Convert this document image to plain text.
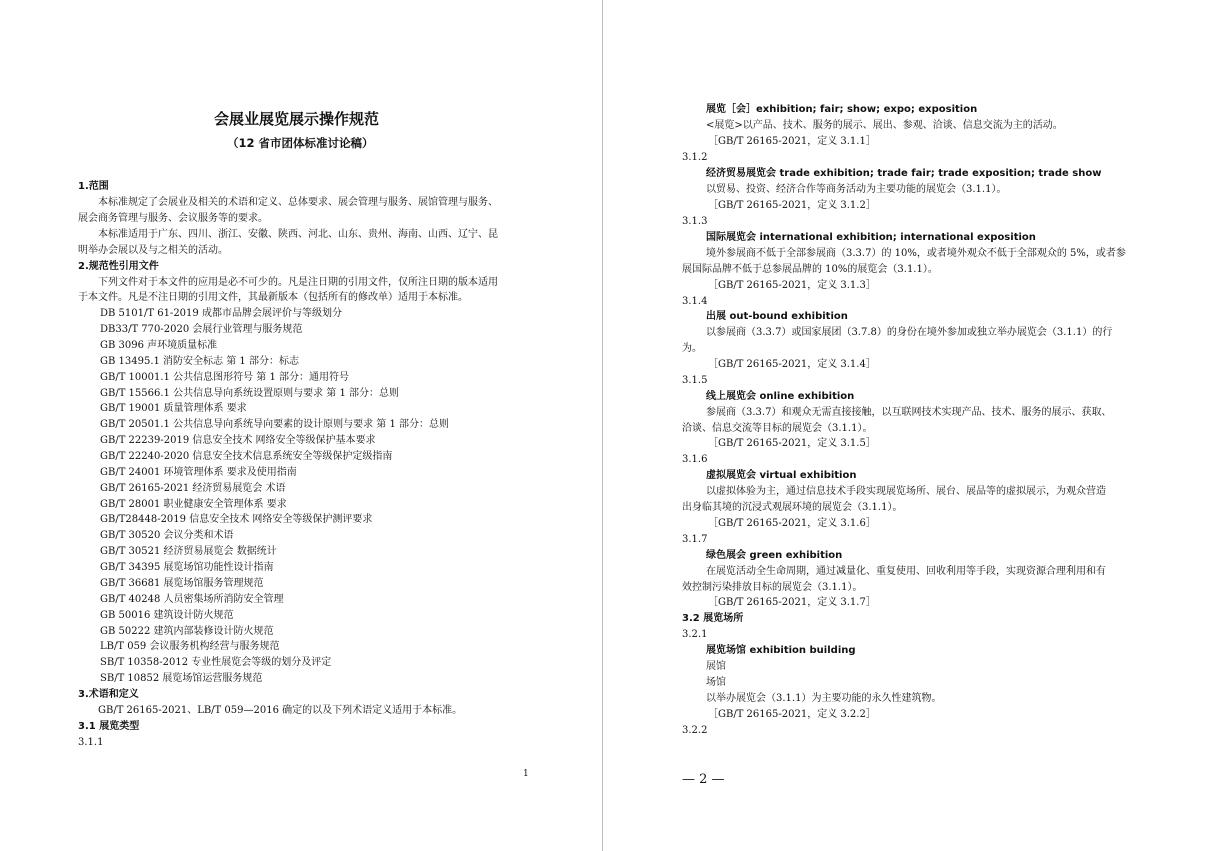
会展业展览展示操作规范
（12 省市团体标准讨论稿）
1.范围
本标准规定了会展业及相关的术语和定义、总体要求、展会管理与服务、展馆管理与服务、
展会商务管理与服务、会议服务等的要求。
本标准适用于广东、四川、浙江、安徽、陕西、河北、山东、贵州、海南、山西、辽宁、昆
明举办会展以及与之相关的活动。
2.规范性引用文件
下列文件对于本文件的应用是必不可少的。凡是注日期的引用文件，仅所注日期的版本适用
于本文件。凡是不注日期的引用文件，其最新版本（包括所有的修改单）适用于本标准。
DB 5101/T 61-2019 成都市品牌会展评价与等级划分
DB33/T 770-2020 会展行业管理与服务规范
GB 3096 声环境质量标准
GB 13495.1 消防安全标志 第 1 部分：标志
GB/T 10001.1 公共信息图形符号 第 1 部分：通用符号
GB/T 15566.1 公共信息导向系统设置原则与要求 第 1 部分：总则
GB/T 19001 质量管理体系 要求
GB/T 20501.1 公共信息导向系统导向要素的设计原则与要求 第 1 部分：总则
GB/T 22239-2019 信息安全技术 网络安全等级保护基本要求
GB/T 22240-2020 信息安全技术信息系统安全等级保护定级指南
GB/T 24001 环境管理体系 要求及使用指南
GB/T 26165-2021 经济贸易展览会 术语
GB/T 28001 职业健康安全管理体系 要求
GB/T28448-2019 信息安全技术 网络安全等级保护测评要求
GB/T 30520 会议分类和术语
GB/T 30521 经济贸易展览会 数据统计
GB/T 34395 展览场馆功能性设计指南
GB/T 36681 展览场馆服务管理规范
GB/T 40248 人员密集场所消防安全管理
GB 50016 建筑设计防火规范
GB 50222 建筑内部装修设计防火规范
LB/T 059 会议服务机构经营与服务规范
SB/T 10358-2012 专业性展览会等级的划分及评定
SB/T 10852 展览场馆运营服务规范
3.术语和定义
GB/T 26165-2021、LB/T 059—2016 确定的以及下列术语定义适用于本标准。
3.1 展览类型
3.1.1
1
展览［会］exhibition; fair; show; expo; exposition
<展览>以产品、技术、服务的展示、展出、参观、洽谈、信息交流为主的活动。
［GB/T 26165-2021，定义 3.1.1］
3.1.2
经济贸易展览会 trade exhibition; trade fair; trade exposition; trade show
以贸易、投资、经济合作等商务活动为主要功能的展览会（3.1.1）。
［GB/T 26165-2021，定义 3.1.2］
3.1.3
国际展览会 international exhibition; international exposition
境外参展商不低于全部参展商（3.3.7）的 10%，或者境外观众不低于全部观众的 5%，或者参
展国际品牌不低于总参展品牌的 10%的展览会（3.1.1）。
［GB/T 26165-2021，定义 3.1.3］
3.1.4
出展 out-bound exhibition
以参展商（3.3.7）或国家展团（3.7.8）的身份在境外参加或独立举办展览会（3.1.1）的行
为。
［GB/T 26165-2021，定义 3.1.4］
3.1.5
线上展览会 online exhibition
参展商（3.3.7）和观众无需直接接触，以互联网技术实现产品、技术、服务的展示、获取、
洽谈、信息交流等目标的展览会（3.1.1）。
［GB/T 26165-2021，定义 3.1.5］
3.1.6
虚拟展览会 virtual exhibition
以虚拟体验为主，通过信息技术手段实现展览场所、展台、展品等的虚拟展示，为观众营造
出身临其境的沉浸式观展环境的展览会（3.1.1）。
［GB/T 26165-2021，定义 3.1.6］
3.1.7
绿色展会 green exhibition
在展览活动全生命周期，通过减量化、重复使用、回收利用等手段，实现资源合理利用和有
效控制污染排放目标的展览会（3.1.1）。
［GB/T 26165-2021，定义 3.1.7］
3.2 展览场所
3.2.1
展览场馆 exhibition building
展馆
场馆
以举办展览会（3.1.1）为主要功能的永久性建筑物。
［GB/T 26165-2021，定义 3.2.2］
3.2.2
— 2 —
